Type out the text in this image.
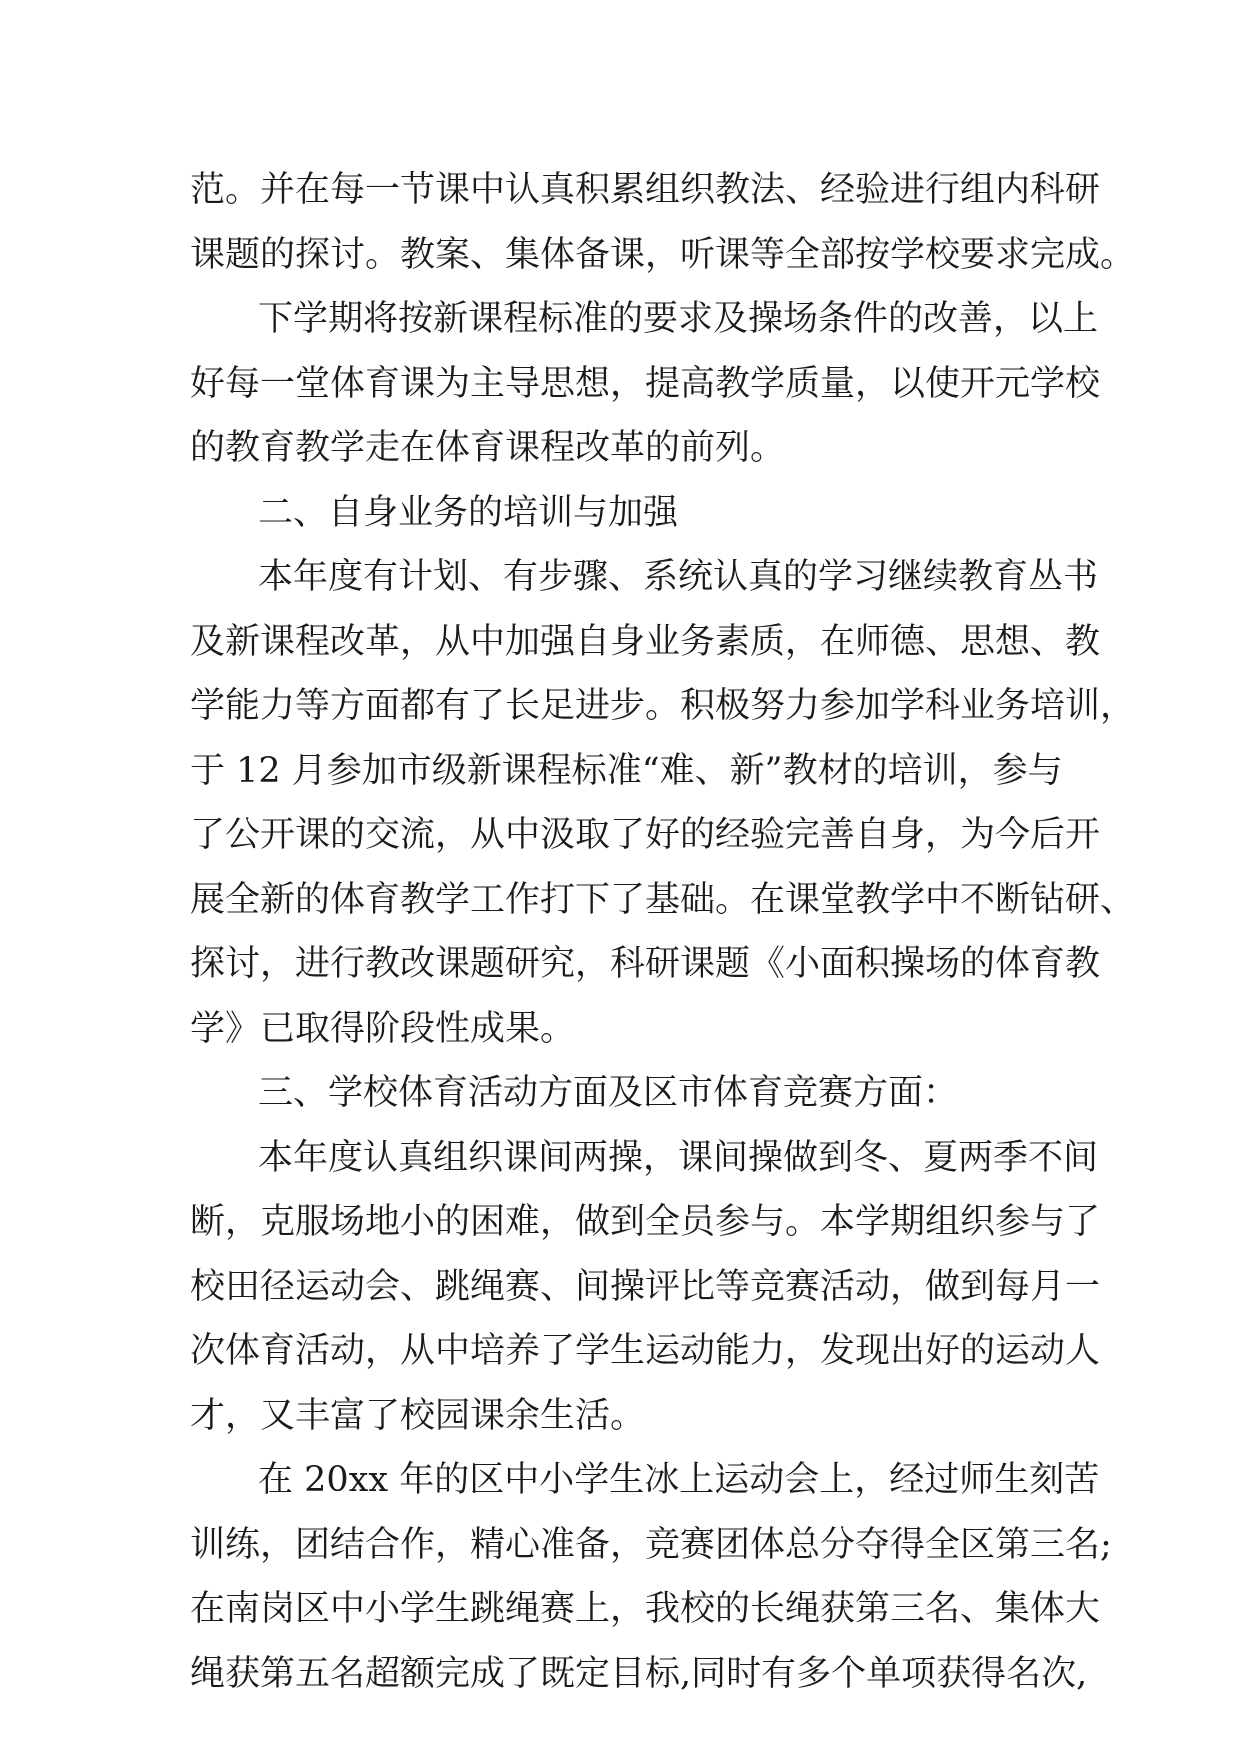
范。并在每一节课中认真积累组织教法、经验进行组内科研
课题的探讨。教案、集体备课，听课等全部按学校要求完成。
下学期将按新课程标准的要求及操场条件的改善，以上
好每一堂体育课为主导思想，提高教学质量，以使开元学校
的教育教学走在体育课程改革的前列。
二、自身业务的培训与加强
本年度有计划、有步骤、系统认真的学习继续教育丛书
及新课程改革，从中加强自身业务素质，在师德、思想、教
学能力等方面都有了长足进步。积极努力参加学科业务培训，
于 12 月参加市级新课程标准“难、新”教材的培训，参与
了公开课的交流，从中汲取了好的经验完善自身，为今后开
展全新的体育教学工作打下了基础。在课堂教学中不断钻研、
探讨，进行教改课题研究，科研课题《小面积操场的体育教
学》已取得阶段性成果。
三、学校体育活动方面及区市体育竞赛方面：
本年度认真组织课间两操，课间操做到冬、夏两季不间
断，克服场地小的困难，做到全员参与。本学期组织参与了
校田径运动会、跳绳赛、间操评比等竞赛活动，做到每月一
次体育活动，从中培养了学生运动能力，发现出好的运动人
才，又丰富了校园课余生活。
在 20xx 年的区中小学生冰上运动会上，经过师生刻苦
训练，团结合作，精心准备，竞赛团体总分夺得全区第三名;
在南岗区中小学生跳绳赛上，我校的长绳获第三名、集体大
绳获第五名超额完成了既定目标,同时有多个单项获得名次,
